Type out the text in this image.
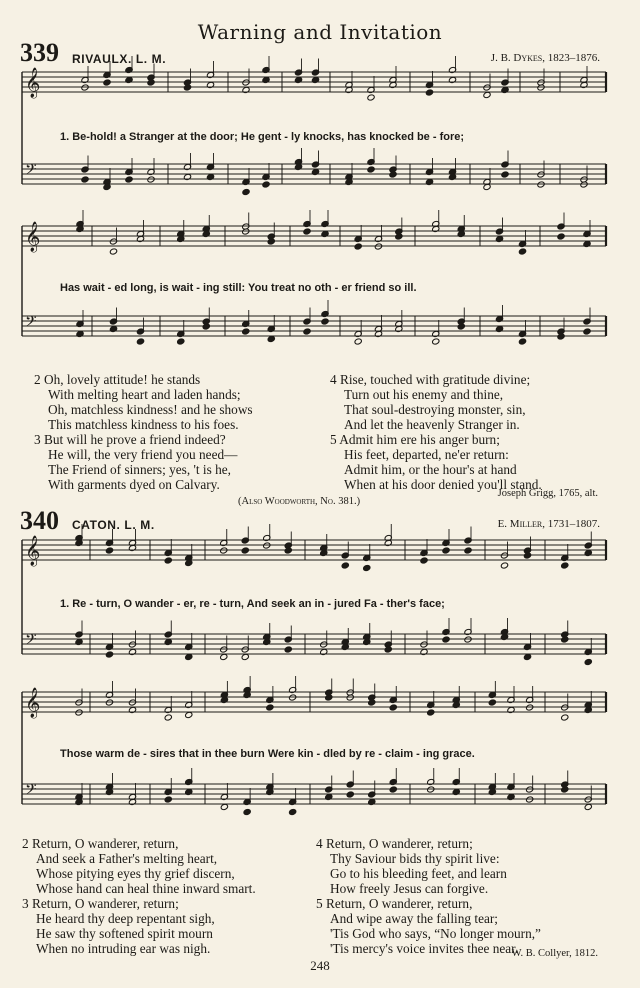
Warning and Invitation
339 RIVAULX. L. M.	J. B. Dykes, 1823–1876.
𝄞
𝄢
𝄞
𝄢
𝄞
𝄢
𝄞
𝄢
1. Be-hold! a Stranger at the door; He gent - ly knocks, has knocked be - fore;
Has wait - ed long, is wait - ing still: You treat no oth - er friend so ill.
2 Oh, lovely attitude! he stands
With melting heart and laden hands;
Oh, matchless kindness! and he shows
This matchless kindness to his foes.
3 But will he prove a friend indeed?
He will, the very friend you need—
The Friend of sinners; yes, 't is he,
With garments dyed on Calvary.
4 Rise, touched with gratitude divine;
Turn out his enemy and thine,
That soul-destroying monster, sin,
And let the heavenly Stranger in.
5 Admit him ere his anger burn;
His feet, departed, ne'er return:
Admit him, or the hour's at hand
When at his door denied you'll stand.
Joseph Grigg, 1765, alt.
(Also Woodworth, No. 381.)
340 CATON. L. M.	E. Miller, 1731–1807.
1. Re - turn, O wander - er, re - turn, And seek an in - jured Fa - ther's face;
Those warm de - sires that in thee burn Were kin - dled by re - claim - ing grace.
2 Return, O wanderer, return,
And seek a Father's melting heart,
Whose pitying eyes thy grief discern,
Whose hand can heal thine inward smart.
3 Return, O wanderer, return;
He heard thy deep repentant sigh,
He saw thy softened spirit mourn
When no intruding ear was nigh.
4 Return, O wanderer, return;
Thy Saviour bids thy spirit live:
Go to his bleeding feet, and learn
How freely Jesus can forgive.
5 Return, O wanderer, return,
And wipe away the falling tear;
'Tis God who says, “No longer mourn,”
'Tis mercy's voice invites thee near.
W. B. Collyer, 1812.
248
